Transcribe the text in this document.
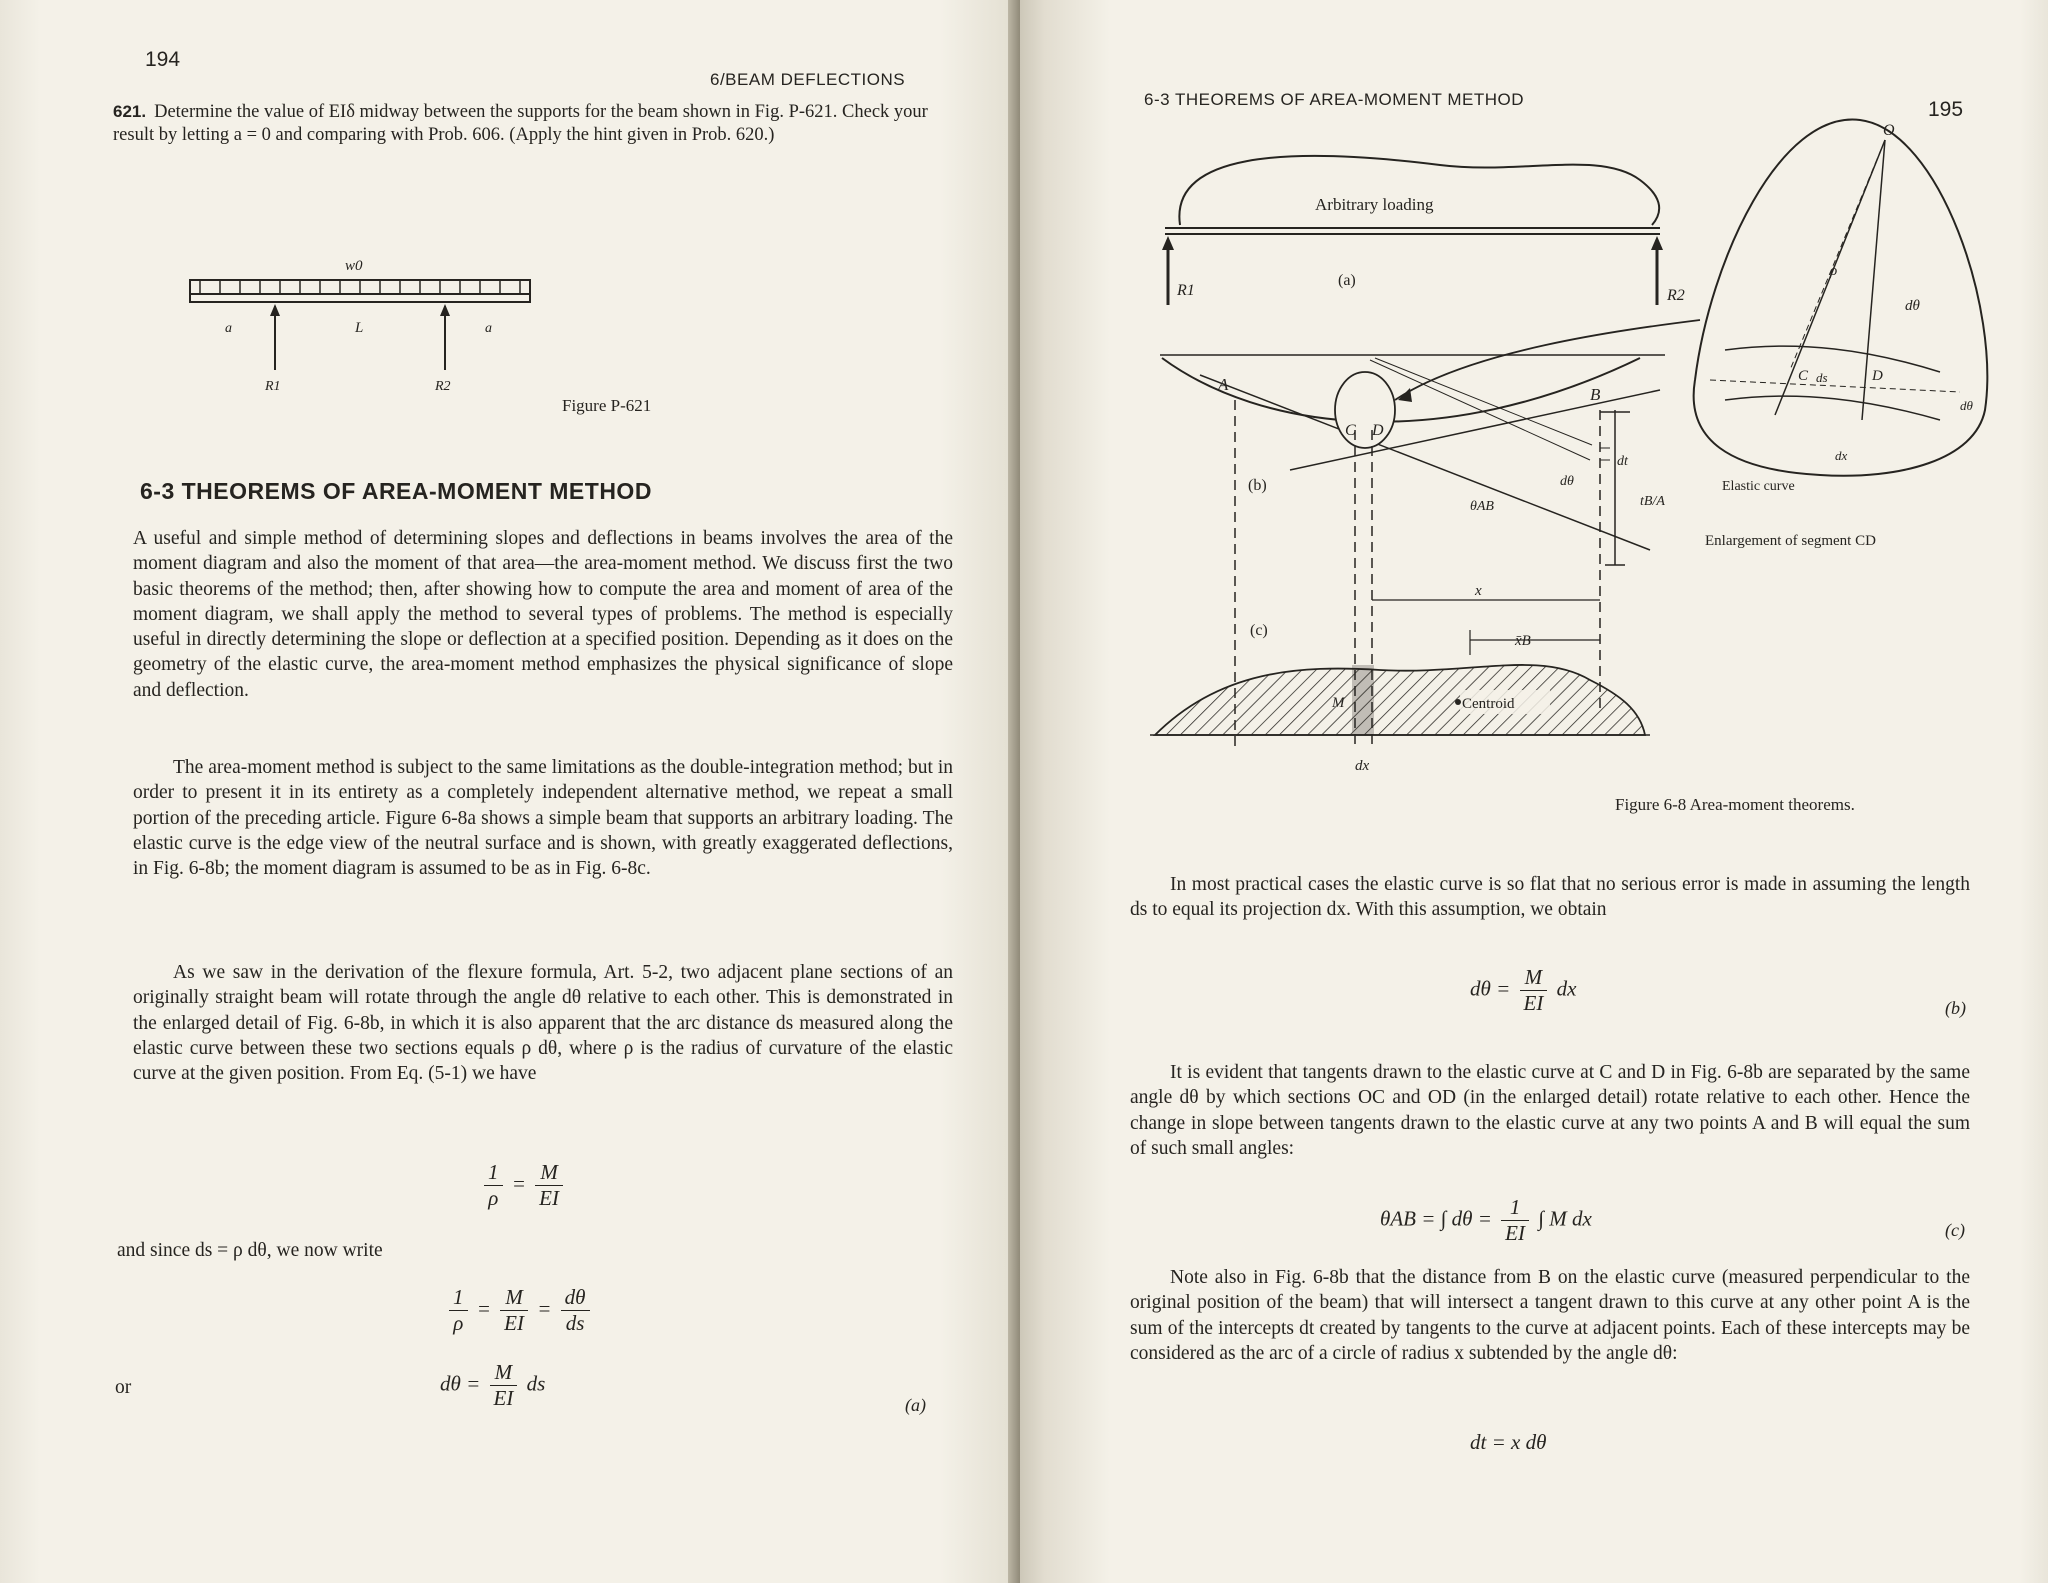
194
6/BEAM DEFLECTIONS
621. Determine the value of EIδ midway between the supports for the beam shown in Fig. P-621. Check your result by letting a = 0 and comparing with Prob. 606. (Apply the hint given in Prob. 620.)
w0
a	L	a
R1	R2
Figure P-621
6-3 THEOREMS OF AREA-MOMENT METHOD
A useful and simple method of determining slopes and deflections in beams involves the area of the moment diagram and also the moment of that area—the area-moment method. We discuss first the two basic theorems of the method; then, after showing how to compute the area and moment of area of the moment diagram, we shall apply the method to several types of problems. The method is especially useful in directly determining the slope or deflection at a specified position. Depending as it does on the geometry of the elastic curve, the area-moment method emphasizes the physical significance of slope and deflection.
The area-moment method is subject to the same limitations as the double-integration method; but in order to present it in its entirety as a completely independent alternative method, we repeat a small portion of the preceding article. Figure 6-8a shows a simple beam that supports an arbitrary loading. The elastic curve is the edge view of the neutral surface and is shown, with greatly exaggerated deflections, in Fig. 6-8b; the moment diagram is assumed to be as in Fig. 6-8c.
As we saw in the derivation of the flexure formula, Art. 5-2, two adjacent plane sections of an originally straight beam will rotate through the angle dθ relative to each other. This is demonstrated in the enlarged detail of Fig. 6-8b, in which it is also apparent that the arc distance ds measured along the elastic curve between these two sections equals ρ dθ, where ρ is the radius of curvature of the elastic curve at the given position. From Eq. (5-1) we have
$\frac{1}{\rho} = \frac{M}{EI}$
and since ds = ρ dθ, we now write
$\frac{1}{\rho} = \frac{M}{EI} = \frac{d\theta}{ds}$
or	$d\theta = \frac{M}{EI}$ ds
(a)
6-3 THEOREMS OF AREA-MOMENT METHOD	195
Arbitrary loading
R1	R2
(a)
C D
A
B
(b)
θAB
dθ
dt
tB/A
x
x̄B
(c)
Centroid
M
dx
O
ρ
dθ
C ds	D
dθ
dx
Elastic curve
Enlargement of segment CD
Figure 6-8 Area-moment theorems.
In most practical cases the elastic curve is so flat that no serious error is made in assuming the length ds to equal its projection dx. With this assumption, we obtain
$d\theta = \frac{M}{EI}$ dx
(b)
It is evident that tangents drawn to the elastic curve at C and D in Fig. 6-8b are separated by the same angle dθ by which sections OC and OD (in the enlarged detail) rotate relative to each other. Hence the change in slope between tangents drawn to the elastic curve at any two points A and B will equal the sum of such small angles:
θAB = ∫ $d\theta = \frac{1}{EI}$ ∫ M dx	(c)
Note also in Fig. 6-8b that the distance from B on the elastic curve (measured perpendicular to the original position of the beam) that will intersect a tangent drawn to this curve at any other point A is the sum of the intercepts dt created by tangents to the curve at adjacent points. Each of these intercepts may be considered as the arc of a circle of radius x subtended by the angle dθ:
dt = x dθ
